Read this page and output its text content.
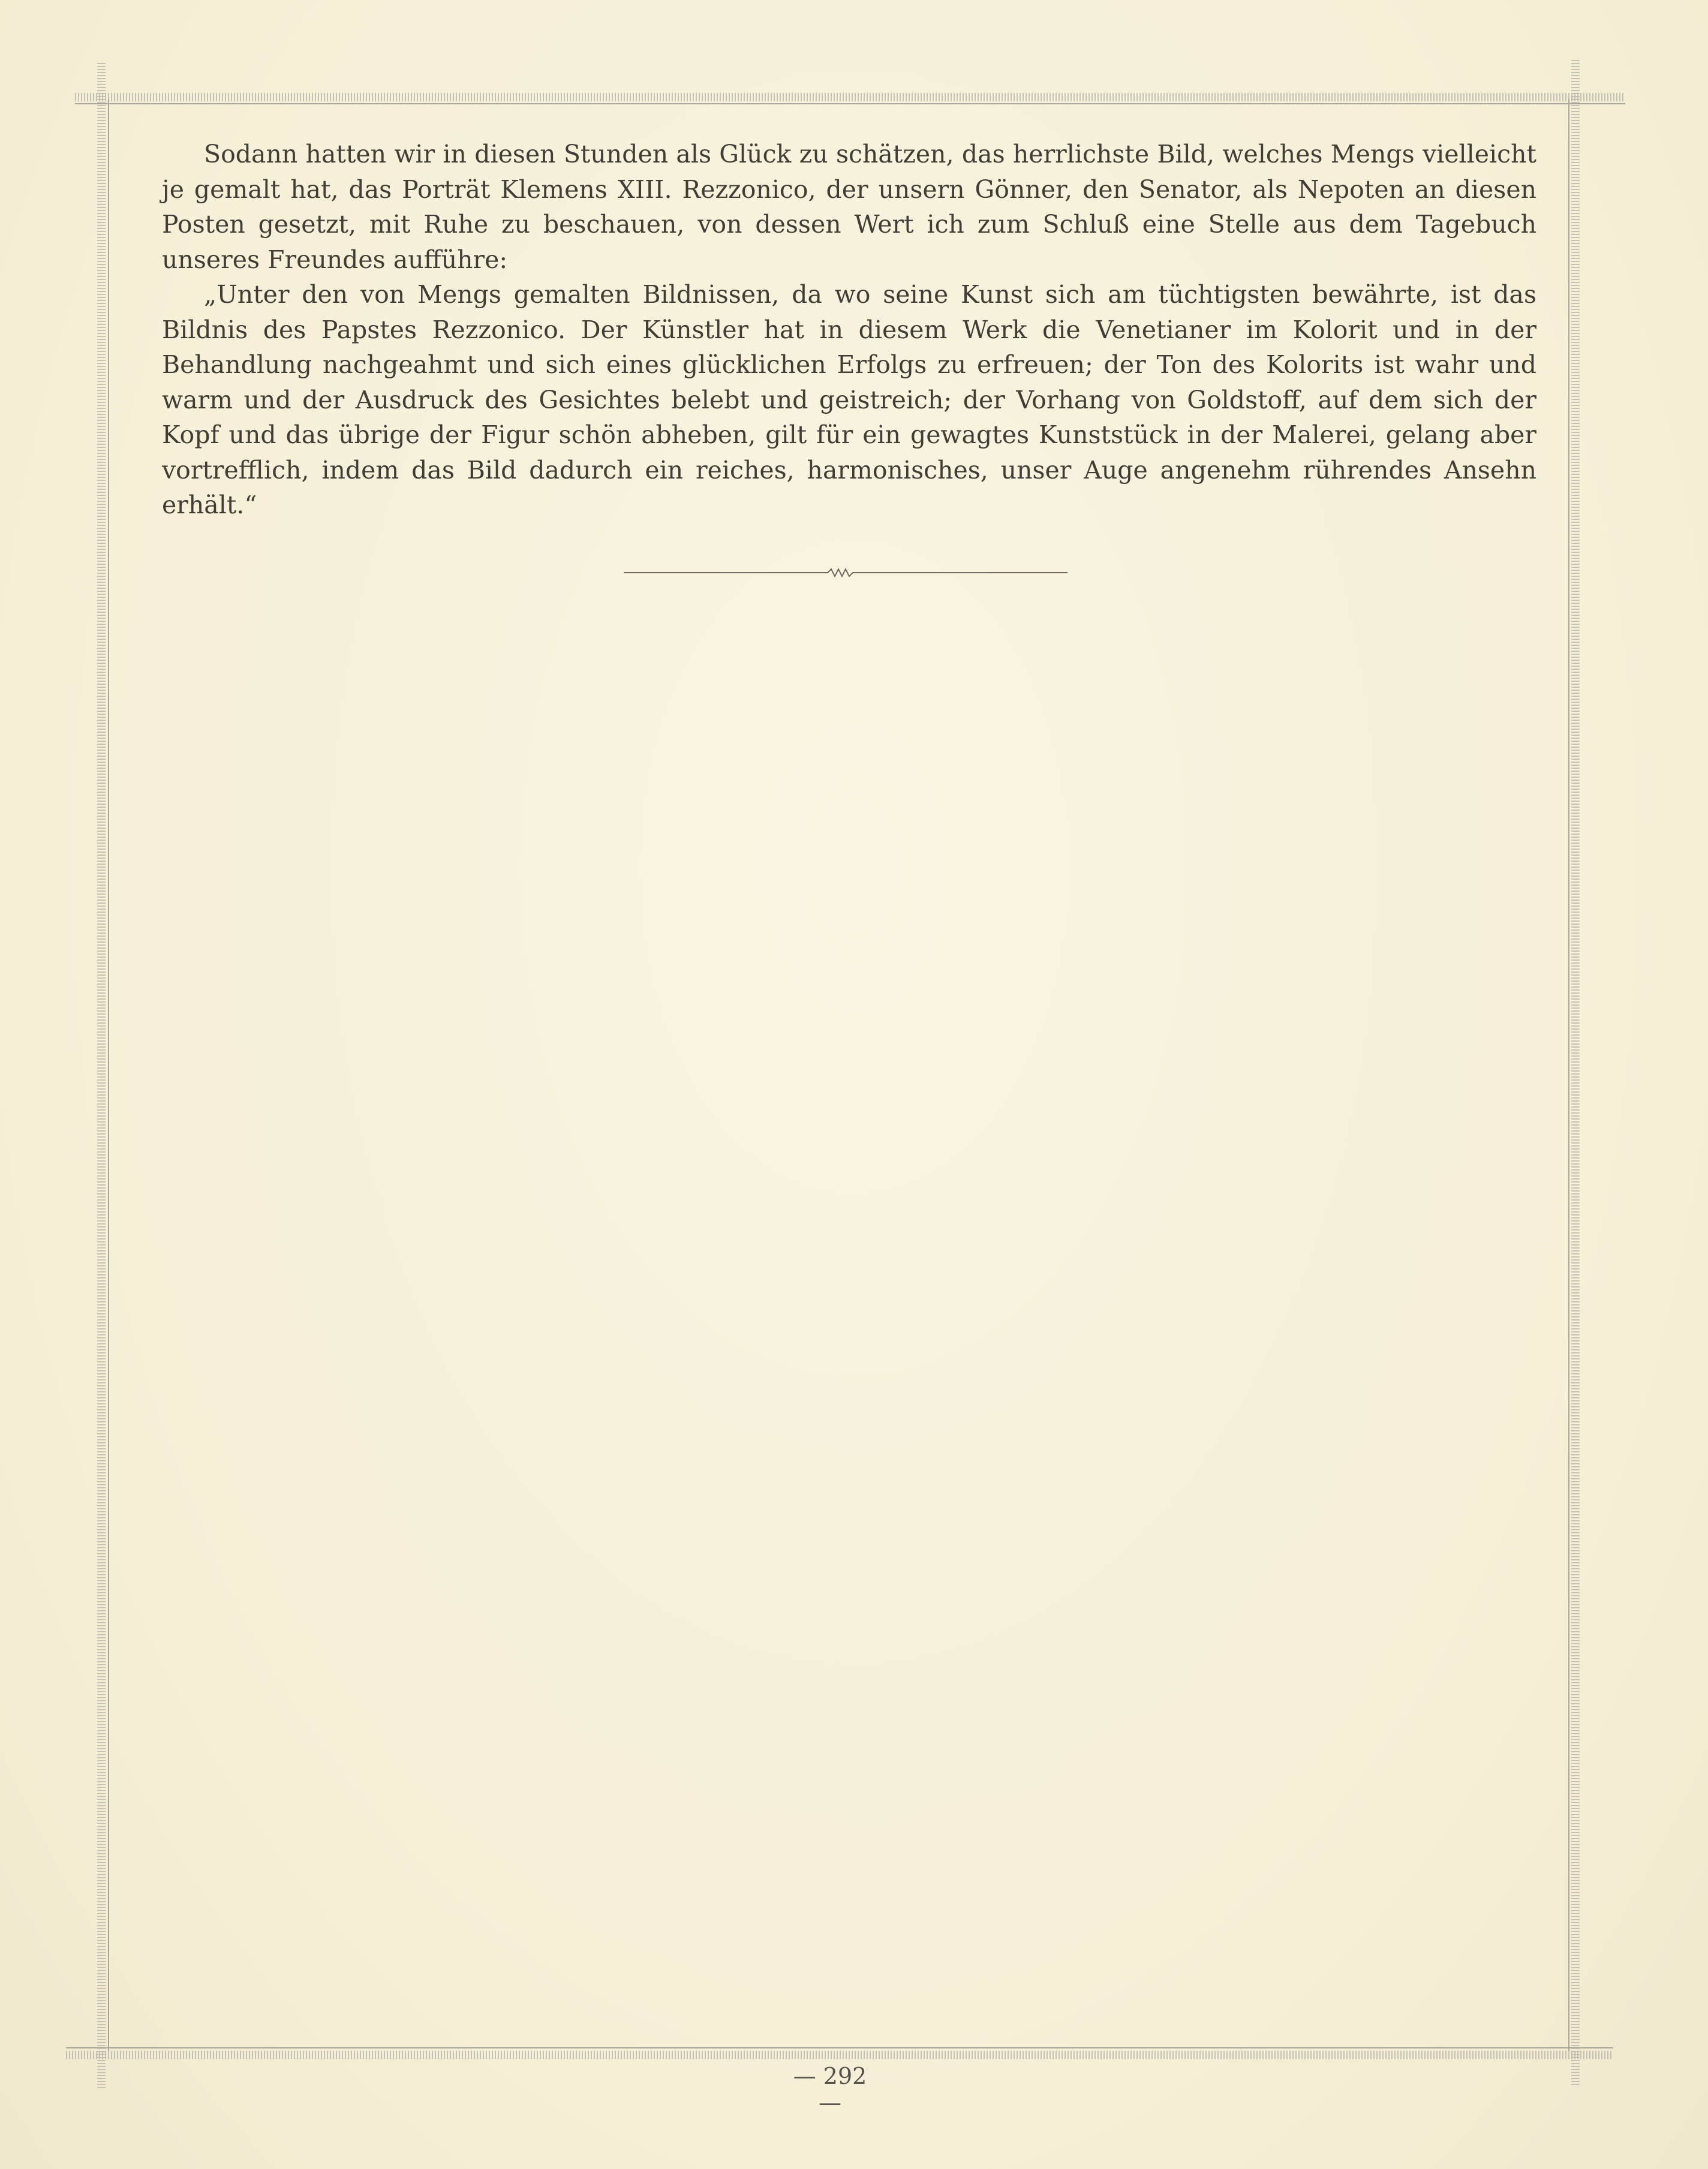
Sodann hatten wir in diesen Stunden als Glück zu schätzen, das herrlichste Bild, welches Mengs vielleicht je gemalt hat, das Porträt Klemens XIII. Rezzonico, der unsern Gönner, den Senator, als Nepoten an diesen Posten gesetzt, mit Ruhe zu beschauen, von dessen Wert ich zum Schluß eine Stelle aus dem Tagebuch unseres Freundes aufführe:

„Unter den von Mengs gemalten Bildnissen, da wo seine Kunst sich am tüchtigsten bewährte, ist das Bildnis des Papstes Rezzonico. Der Künstler hat in diesem Werk die Venetianer im Kolorit und in der Behandlung nachgeahmt und sich eines glücklichen Erfolgs zu erfreuen; der Ton des Kolorits ist wahr und warm und der Ausdruck des Gesichtes belebt und geistreich; der Vorhang von Goldstoff, auf dem sich der Kopf und das übrige der Figur schön abheben, gilt für ein gewagtes Kunststück in der Malerei, gelang aber vortrefflich, indem das Bild dadurch ein reiches, harmonisches, unser Auge angenehm rührendes Ansehn erhält.“

— 292 —
